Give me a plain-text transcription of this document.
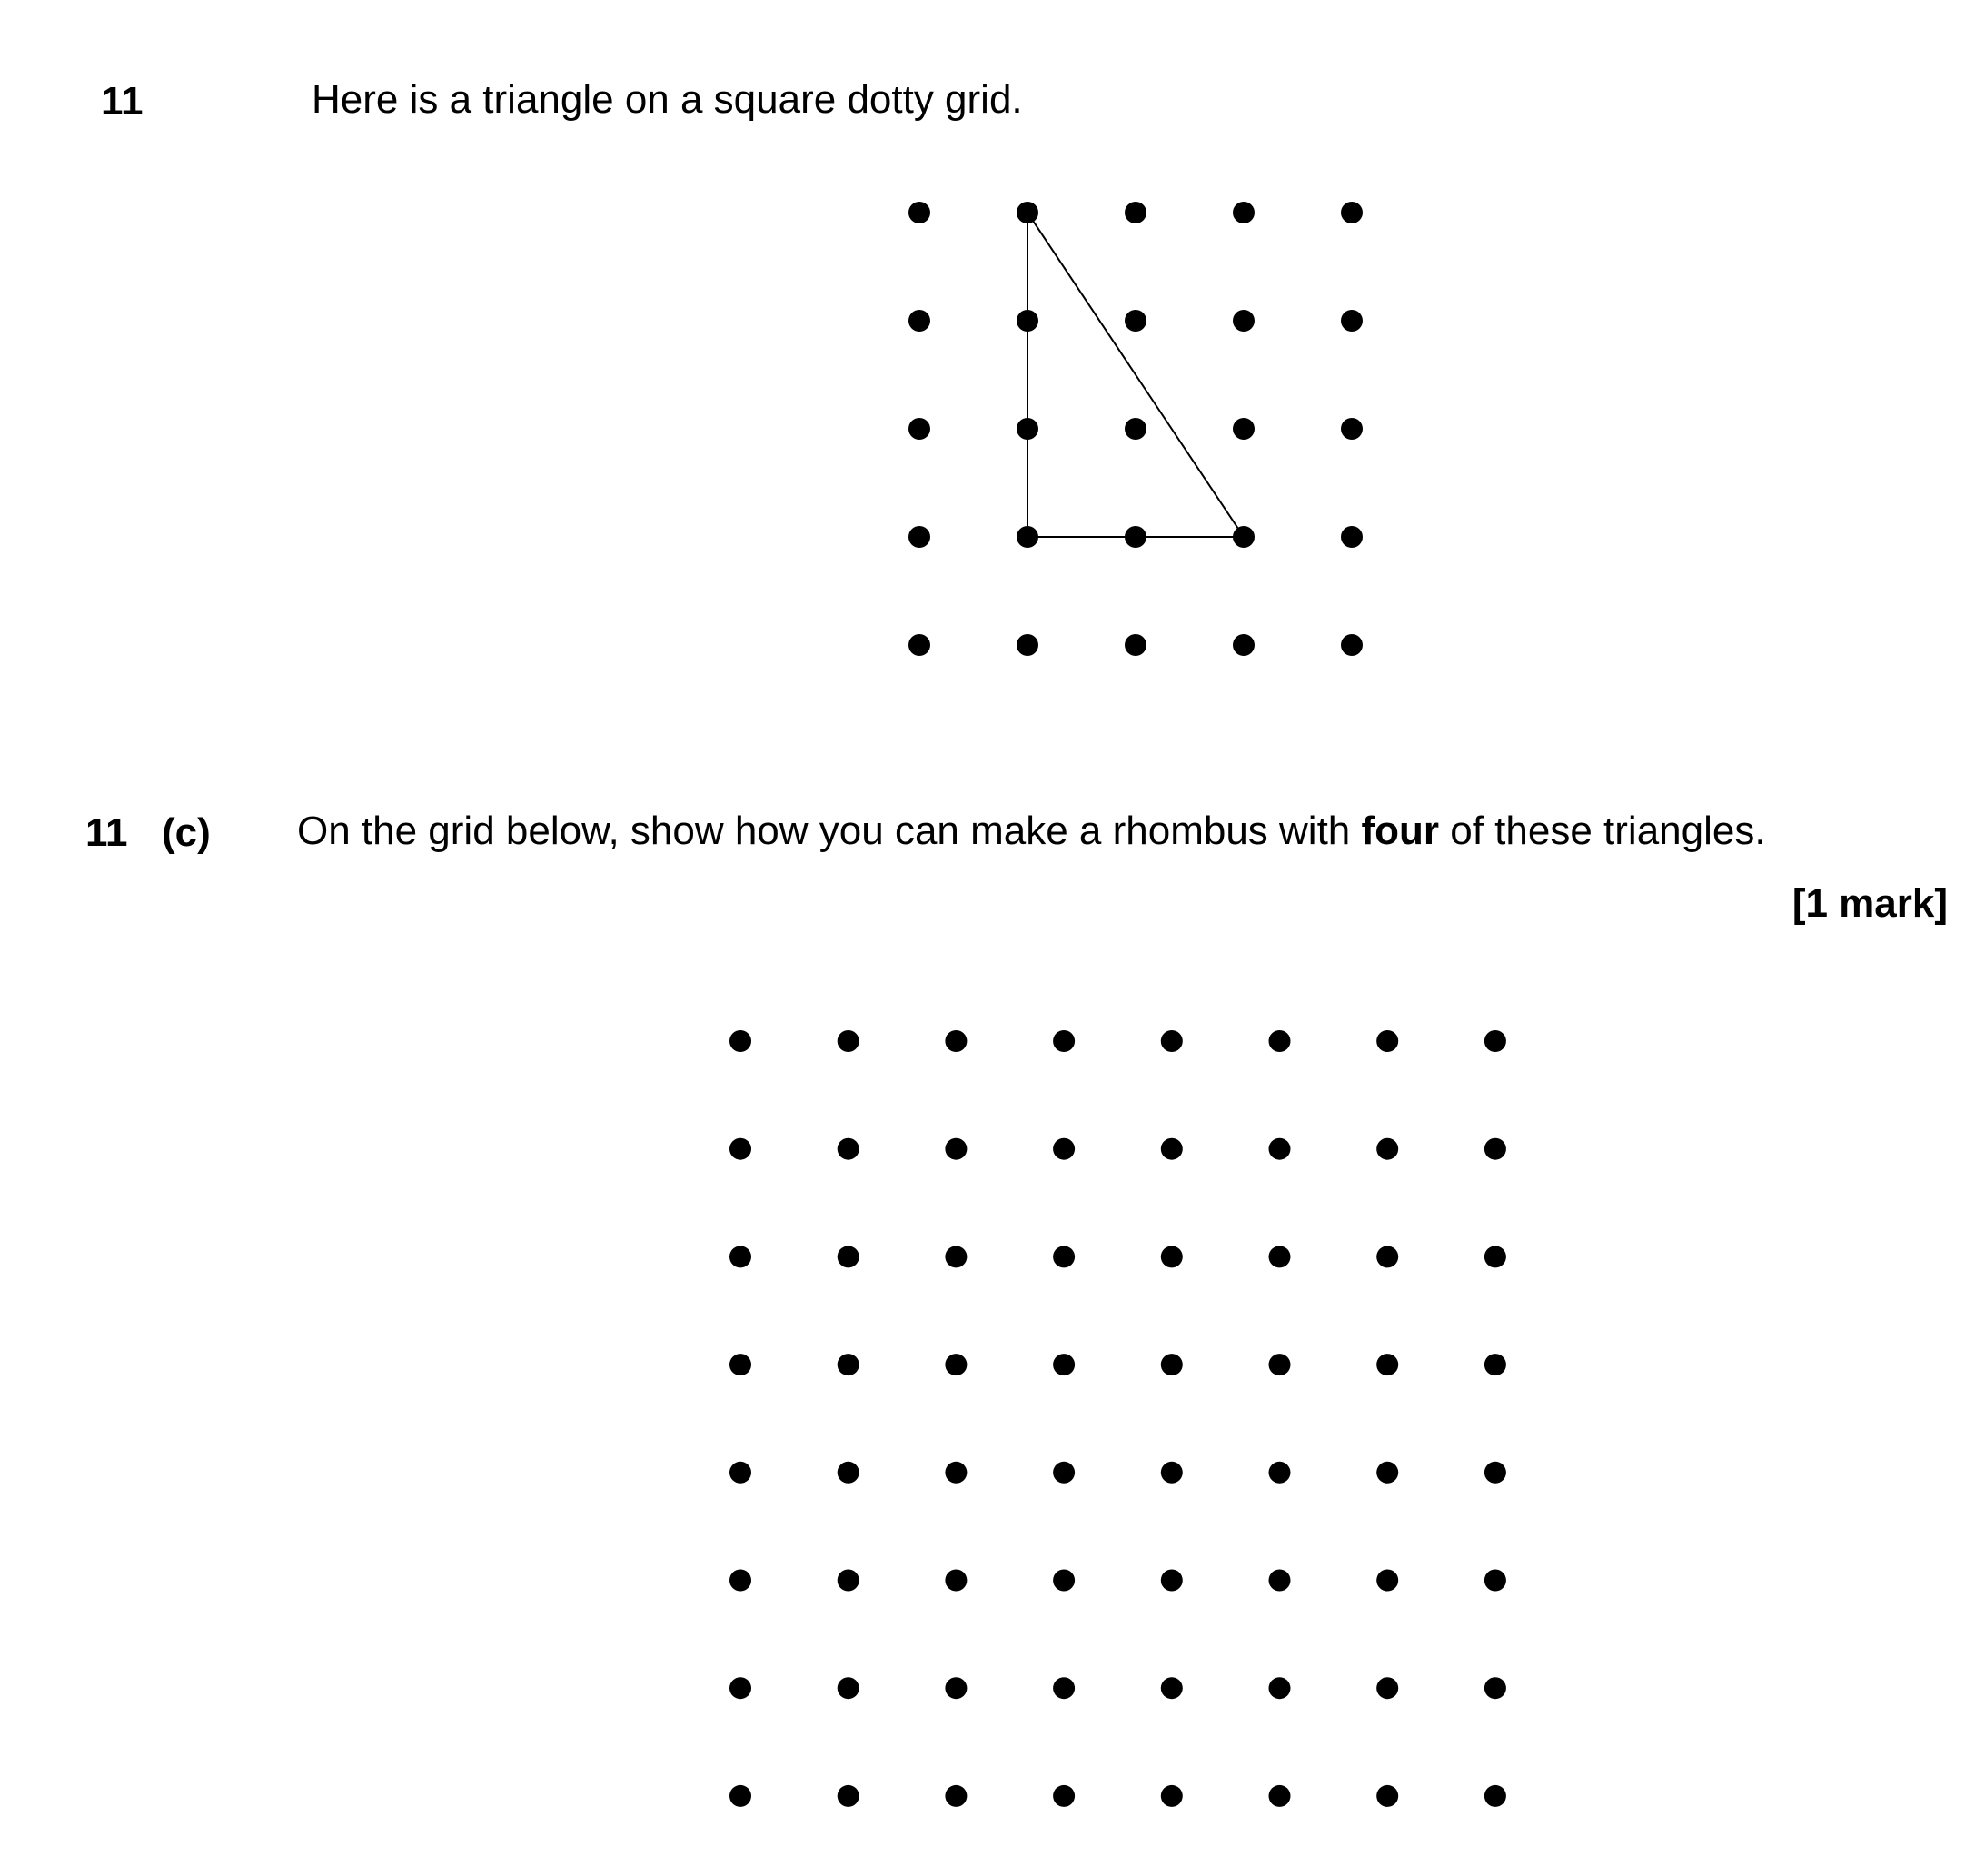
11	Here is a triangle on a square dotty grid.
11 (c) On the grid below, show how you can make a rhombus with four of these triangles.
[1 mark]
